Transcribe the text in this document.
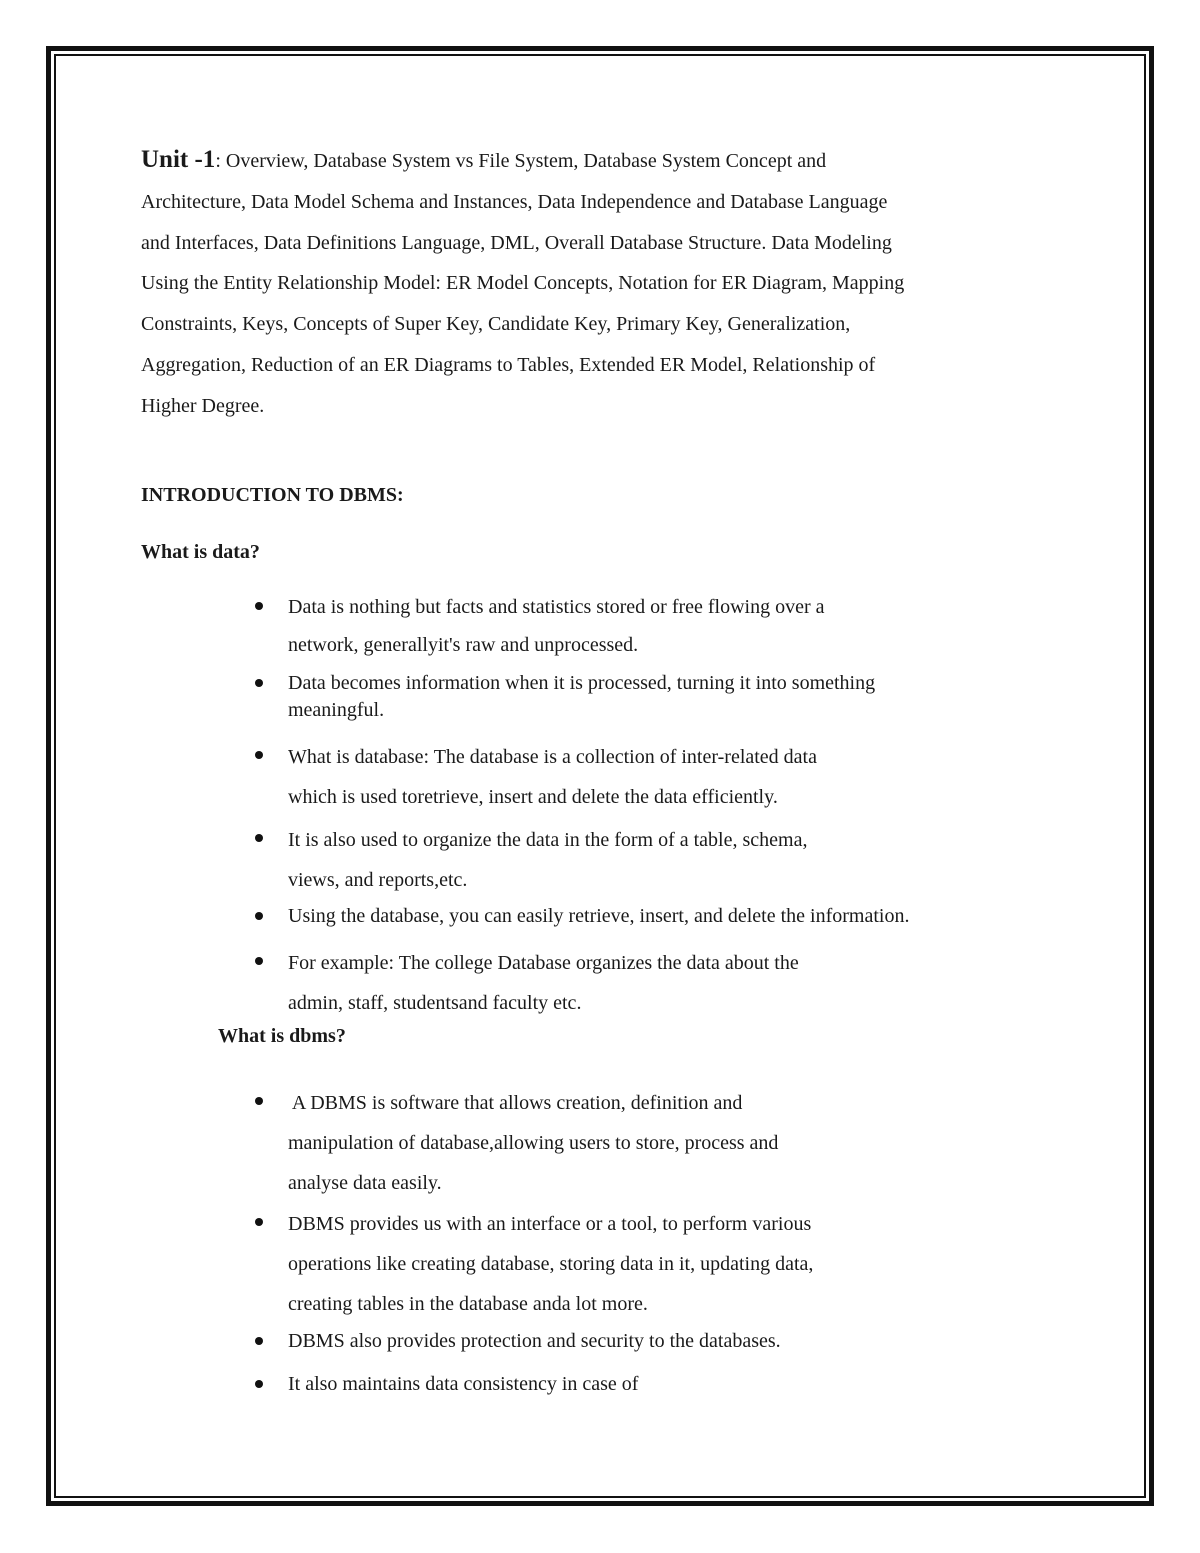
Unit -1: Overview, Database System vs File System, Database System Concept and
Architecture, Data Model Schema and Instances, Data Independence and Database Language
and Interfaces, Data Definitions Language, DML, Overall Database Structure. Data Modeling
Using the Entity Relationship Model: ER Model Concepts, Notation for ER Diagram, Mapping
Constraints, Keys, Concepts of Super Key, Candidate Key, Primary Key, Generalization,
Aggregation, Reduction of an ER Diagrams to Tables, Extended ER Model, Relationship of
Higher Degree.
INTRODUCTION TO DBMS:
What is data?

Data is nothing but facts and statistics stored or free flowing over a

network, generallyit's raw and unprocessed.

Data becomes information when it is processed, turning it into something

meaningful.

What is database: The database is a collection of inter-related data

which is used toretrieve, insert and delete the data efficiently.

It is also used to organize the data in the form of a table, schema,

views, and reports,etc.

Using the database, you can easily retrieve, insert, and delete the information.

For example: The college Database organizes the data about the

admin, staff, studentsand faculty etc.

What is dbms?

A DBMS is software that allows creation, definition and

manipulation of database,allowing users to store, process and

analyse data easily.

DBMS provides us with an interface or a tool, to perform various

operations like creating database, storing data in it, updating data,

creating tables in the database anda lot more.

DBMS also provides protection and security to the databases.

It also maintains data consistency in case of
